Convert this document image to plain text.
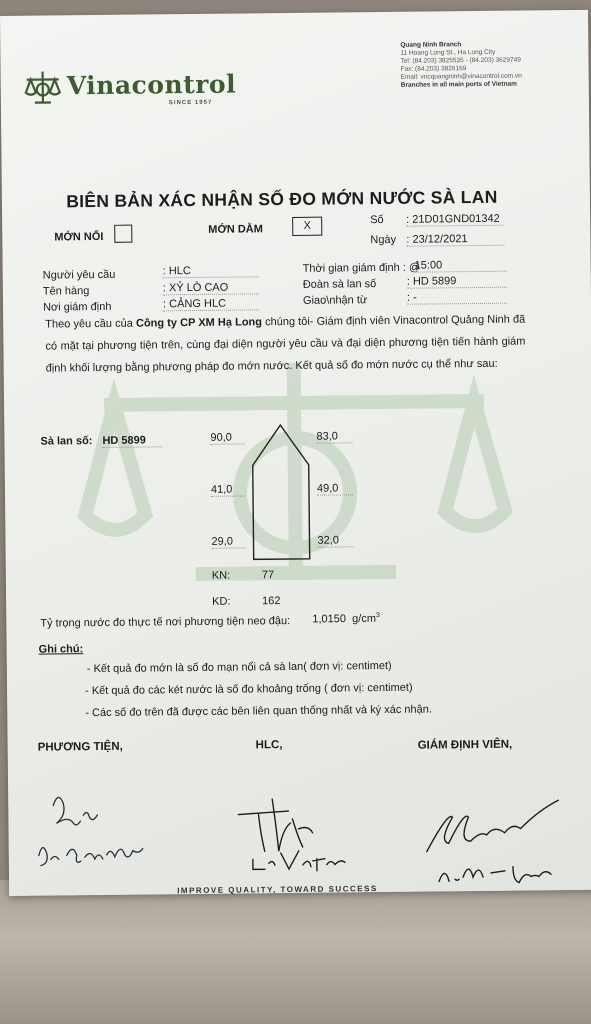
Vinacontrol
SINCE 1957
Quang Ninh Branch
11 Hoang Long St., Ha Long City
Tel: (84.203) 3825535 - (84.203) 3629749
Fax: (84.203) 3826169
Email: vncquangninh@vinacontrol.com.vn
Branches in all main ports of Vietnam
BIÊN BẢN XÁC NHẬN SỐ ĐO MỚN NƯỚC SÀ LAN
MỚN NỔI
MỚN DẰM	X	Số : 21D01GND01342
Ngày : 23/12/2021
Người yêu cầu	: HLC
Tên hàng	: XỶ LÒ CAO
Nơi giám định	: CẢNG HLC
Thời gian giám định : @
15:00
Đoàn sà lan số	: HD 5899
Giao\nhận từ	: -
Theo yêu cầu của Công ty CP XM Hạ Long chúng tôi- Giám định viên Vinacontrol Quảng Ninh đã có mặt tại phương tiện trên, cùng đại diện người yêu cầu và đại diện phương tiện tiến hành giám định khối lượng bằng phương pháp đo mớn nước. Kết quả số đo mớn nước cụ thể như sau:
Sà lan số: HD 5899	90,0	83,0
41,0	49,0
29,0	32,0
KN:	77
KD:	162
Tỷ trọng nước đo thực tế nơi phương tiện neo đậu: 1,0150 $g/cm^3$
Ghi chú:
- Kết quả đo mớn là số đo mạn nổi cả sà lan( đơn vị: centimet)
- Kết quả đo các két nước là số đo khoảng trống ( đơn vị: centimet)
- Các số đo trên đã được các bên liên quan thống nhất và ký xác nhận.
PHƯƠNG TIỆN,	HLC,	GIÁM ĐỊNH VIÊN,
IMPROVE QUALITY, TOWARD SUCCESS
